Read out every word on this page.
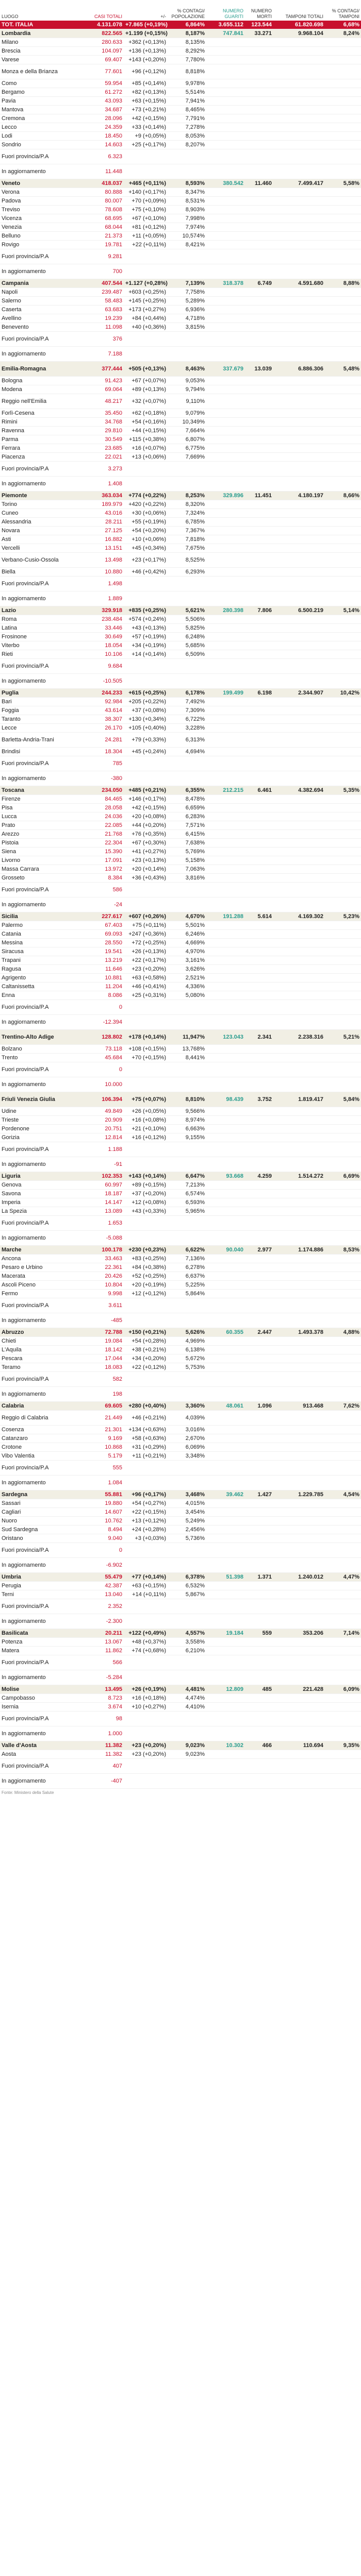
LUOGO	CASI TOTALI	+/-	% CONTAGI/ POPOLAZIONE	NUMERO GUARITI	NUMERO MORTI	TAMPONI TOTALI	% CONTAGI/ TAMPONI
TOT. ITALIA	4.131.078	+7.865 (+0,19%)	6,864%	3.655.112	123.544	61.820.698	6,68%
Lombardia	822.565	+1.199 (+0,15%)	8,187%	747.841	33.271	9.968.104	8,24%
Milano	280.633	+362 (+0,13%)	8,135%				
Brescia	104.097	+136 (+0,13%)	8,292%				
Varese	69.407	+143 (+0,20%)	7,780%				
Monza e della Brianza	77.601	+96 (+0,12%)	8,818%				
Como	59.954	+85 (+0,14%)	9,978%				
Bergamo	61.272	+82 (+0,13%)	5,514%				
Pavia	43.093	+63 (+0,15%)	7,941%				
Mantova	34.687	+73 (+0,21%)	8,465%				
Cremona	28.096	+42 (+0,15%)	7,791%				
Lecco	24.359	+33 (+0,14%)	7,278%				
Lodi	18.450	+9 (+0,05%)	8,053%				
Sondrio	14.603	+25 (+0,17%)	8,207%				
Fuori provincia/P.A	6.323						
In aggiornamento	11.448						
Veneto	418.037	+465 (+0,11%)	8,593%	380.542	11.460	7.499.417	5,58%
Verona	80.888	+140 (+0,17%)	8,347%				
Padova	80.007	+70 (+0,09%)	8,531%				
Treviso	78.608	+75 (+0,10%)	8,903%				
Vicenza	68.695	+67 (+0,10%)	7,998%				
Venezia	68.044	+81 (+0,12%)	7,974%				
Belluno	21.373	+11 (+0,05%)	10,574%				
Rovigo	19.781	+22 (+0,11%)	8,421%				
Fuori provincia/P.A	9.281						
In aggiornamento	700						
Campania	407.544	+1.127 (+0,28%)	7,139%	318.378	6.749	4.591.680	8,88%
Napoli	239.487	+603 (+0,25%)	7,758%				
Salerno	58.483	+145 (+0,25%)	5,289%				
Caserta	63.683	+173 (+0,27%)	6,936%				
Avellino	19.239	+84 (+0,44%)	4,718%				
Benevento	11.098	+40 (+0,36%)	3,815%				
Fuori provincia/P.A	376						
In aggiornamento	7.188						
Emilia-Romagna	377.444	+505 (+0,13%)	8,463%	337.679	13.039	6.886.306	5,48%
Bologna	91.423	+67 (+0,07%)	9,053%				
Modena	69.064	+89 (+0,13%)	9,794%				
Reggio nell'Emilia	48.217	+32 (+0,07%)	9,110%				
Forlì-Cesena	35.450	+62 (+0,18%)	9,079%				
Rimini	34.768	+54 (+0,16%)	10,349%				
Ravenna	29.810	+44 (+0,15%)	7,664%				
Parma	30.549	+115 (+0,38%)	6,807%				
Ferrara	23.685	+16 (+0,07%)	6,775%				
Piacenza	22.021	+13 (+0,06%)	7,669%				
Fuori provincia/P.A	3.273						
In aggiornamento	1.408						
Piemonte	363.034	+774 (+0,22%)	8,253%	329.896	11.451	4.180.197	8,66%
Torino	189.979	+420 (+0,22%)	8,320%				
Cuneo	43.016	+30 (+0,06%)	7,324%				
Alessandria	28.211	+55 (+0,19%)	6,785%				
Novara	27.125	+54 (+0,20%)	7,367%				
Asti	16.882	+10 (+0,06%)	7,818%				
Vercelli	13.151	+45 (+0,34%)	7,675%				
Verbano-Cusio-Ossola	13.498	+23 (+0,17%)	8,525%				
Biella	10.880	+46 (+0,42%)	6,293%				
Fuori provincia/P.A	1.498						
In aggiornamento	1.889						
Lazio	329.918	+835 (+0,25%)	5,621%	280.398	7.806	6.500.219	5,14%
Roma	238.484	+574 (+0,24%)	5,506%				
Latina	33.446	+43 (+0,13%)	5,825%				
Frosinone	30.649	+57 (+0,19%)	6,248%				
Viterbo	18.054	+34 (+0,19%)	5,685%				
Rieti	10.106	+14 (+0,14%)	6,509%				
Fuori provincia/P.A	9.684						
In aggiornamento	-10.505						
Puglia	244.233	+615 (+0,25%)	6,178%	199.499	6.198	2.344.907	10,42%
Bari	92.984	+205 (+0,22%)	7,492%				
Foggia	43.614	+37 (+0,08%)	7,309%				
Taranto	38.307	+130 (+0,34%)	6,722%				
Lecce	26.170	+105 (+0,40%)	3,228%				
Barletta-Andria-Trani	24.281	+79 (+0,33%)	6,313%				
Brindisi	18.304	+45 (+0,24%)	4,694%				
Fuori provincia/P.A	785						
In aggiornamento	-380						
Toscana	234.050	+485 (+0,21%)	6,355%	212.215	6.461	4.382.694	5,35%
Firenze	84.465	+146 (+0,17%)	8,478%				
Pisa	28.058	+42 (+0,15%)	6,659%				
Lucca	24.036	+20 (+0,08%)	6,283%				
Prato	22.085	+44 (+0,20%)	7,571%				
Arezzo	21.768	+76 (+0,35%)	6,415%				
Pistoia	22.304	+67 (+0,30%)	7,638%				
Siena	15.390	+41 (+0,27%)	5,769%				
Livorno	17.091	+23 (+0,13%)	5,158%				
Massa Carrara	13.972	+20 (+0,14%)	7,063%				
Grosseto	8.384	+36 (+0,43%)	3,816%				
Fuori provincia/P.A	586						
In aggiornamento	-24						
Sicilia	227.617	+607 (+0,26%)	4,670%	191.288	5.614	4.169.302	5,23%
Palermo	67.403	+75 (+0,11%)	5,501%				
Catania	69.093	+247 (+0,36%)	6,246%				
Messina	28.550	+72 (+0,25%)	4,669%				
Siracusa	19.541	+26 (+0,13%)	4,970%				
Trapani	13.219	+22 (+0,17%)	3,161%				
Ragusa	11.646	+23 (+0,20%)	3,626%				
Agrigento	10.881	+63 (+0,58%)	2,521%				
Caltanissetta	11.204	+46 (+0,41%)	4,336%				
Enna	8.086	+25 (+0,31%)	5,080%				
Fuori provincia/P.A	0						
In aggiornamento	-12.394						
Trentino-Alto Adige	128.802	+178 (+0,14%)	11,947%	123.043	2.341	2.238.316	5,21%
Bolzano	73.118	+108 (+0,15%)	13,768%				
Trento	45.684	+70 (+0,15%)	8,441%				
Fuori provincia/P.A	0						
In aggiornamento	10.000						
Friuli Venezia Giulia	106.394	+75 (+0,07%)	8,810%	98.439	3.752	1.819.417	5,84%
Udine	49.849	+26 (+0,05%)	9,566%				
Trieste	20.909	+16 (+0,08%)	8,974%				
Pordenone	20.751	+21 (+0,10%)	6,663%				
Gorizia	12.814	+16 (+0,12%)	9,155%				
Fuori provincia/P.A	1.188						
In aggiornamento	-91						
Liguria	102.353	+143 (+0,14%)	6,647%	93.668	4.259	1.514.272	6,69%
Genova	60.997	+89 (+0,15%)	7,213%				
Savona	18.187	+37 (+0,20%)	6,574%				
Imperia	14.147	+12 (+0,08%)	6,593%				
La Spezia	13.089	+43 (+0,33%)	5,965%				
Fuori provincia/P.A	1.653						
In aggiornamento	-5.088						
Marche	100.178	+230 (+0,23%)	6,622%	90.040	2.977	1.174.886	8,53%
Ancona	33.463	+83 (+0,25%)	7,136%				
Pesaro e Urbino	22.361	+84 (+0,38%)	6,278%				
Macerata	20.426	+52 (+0,25%)	6,637%				
Ascoli Piceno	10.804	+20 (+0,19%)	5,225%				
Fermo	9.998	+12 (+0,12%)	5,864%				
Fuori provincia/P.A	3.611						
In aggiornamento	-485						
Abruzzo	72.788	+150 (+0,21%)	5,626%	60.355	2.447	1.493.378	4,88%
Chieti	19.084	+54 (+0,28%)	4,969%				
L'Aquila	18.142	+38 (+0,21%)	6,138%				
Pescara	17.044	+34 (+0,20%)	5,672%				
Teramo	18.083	+22 (+0,12%)	5,753%				
Fuori provincia/P.A	582						
In aggiornamento	198						
Calabria	69.605	+280 (+0,40%)	3,360%	48.061	1.096	913.468	7,62%
Reggio di Calabria	21.449	+46 (+0,21%)	4,039%				
Cosenza	21.301	+134 (+0,63%)	3,016%				
Catanzaro	9.169	+58 (+0,63%)	2,670%				
Crotone	10.868	+31 (+0,29%)	6,069%				
Vibo Valentia	5.179	+11 (+0,21%)	3,348%				
Fuori provincia/P.A	555						
In aggiornamento	1.084						
Sardegna	55.881	+96 (+0,17%)	3,468%	39.462	1.427	1.229.785	4,54%
Sassari	19.880	+54 (+0,27%)	4,015%				
Cagliari	14.607	+22 (+0,15%)	3,454%				
Nuoro	10.762	+13 (+0,12%)	5,249%				
Sud Sardegna	8.494	+24 (+0,28%)	2,456%				
Oristano	9.040	+3 (+0,03%)	5,736%				
Fuori provincia/P.A	0						
In aggiornamento	-6.902						
Umbria	55.479	+77 (+0,14%)	6,378%	51.398	1.371	1.240.012	4,47%
Perugia	42.387	+63 (+0,15%)	6,532%				
Terni	13.040	+14 (+0,11%)	5,867%				
Fuori provincia/P.A	2.352						
In aggiornamento	-2.300						
Basilicata	20.211	+122 (+0,49%)	4,557%	19.184	559	353.206	7,14%
Potenza	13.067	+48 (+0,37%)	3,558%				
Matera	11.862	+74 (+0,68%)	6,210%				
Fuori provincia/P.A	566						
In aggiornamento	-5.284						
Molise	13.495	+26 (+0,19%)	4,481%	12.809	485	221.428	6,09%
Campobasso	8.723	+16 (+0,18%)	4,474%				
Isernia	3.674	+10 (+0,27%)	4,410%				
Fuori provincia/P.A	98						
In aggiornamento	1.000						
Valle d'Aosta	11.382	+23 (+0,20%)	9,023%	10.302	466	110.694	9,35%
Aosta	11.382	+23 (+0,20%)	9,023%				
Fuori provincia/P.A	407						
In aggiornamento	-407						
Fonte: Ministero della Salute
